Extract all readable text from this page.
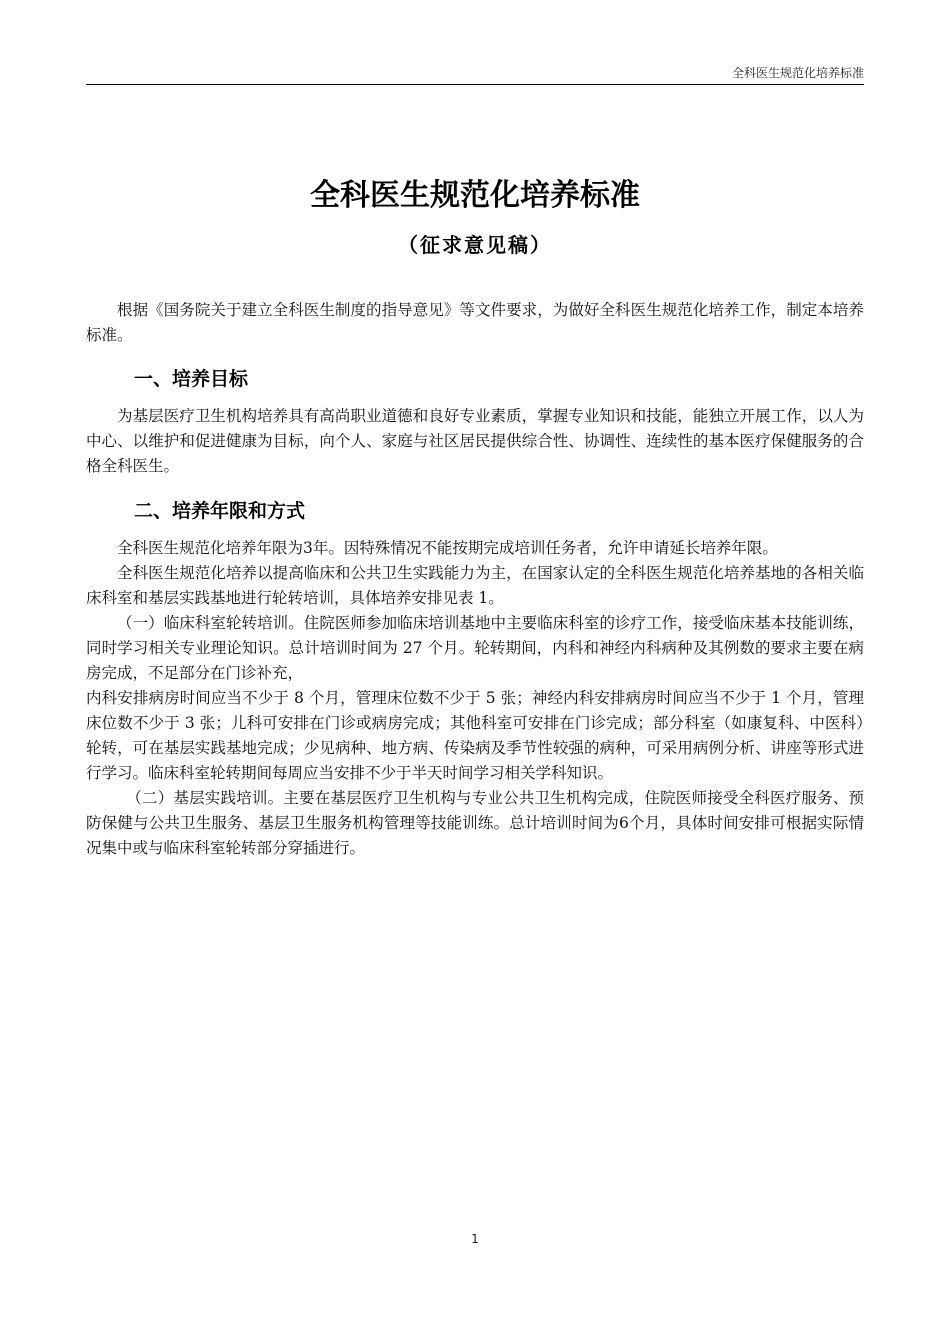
全科医生规范化培养标准
全科医生规范化培养标准
（征求意见稿）

根据《国务院关于建立全科医生制度的指导意见》等文件要求，为做好全科医生规范化培养工作，制定本培养标准。

一、培养目标

为基层医疗卫生机构培养具有高尚职业道德和良好专业素质，掌握专业知识和技能，能独立开展工作，以人为中心、以维护和促进健康为目标，向个人、家庭与社区居民提供综合性、协调性、连续性的基本医疗保健服务的合格全科医生。

二、培养年限和方式

全科医生规范化培养年限为3年。因特殊情况不能按期完成培训任务者，允许申请延长培养年限。

全科医生规范化培养以提高临床和公共卫生实践能力为主，在国家认定的全科医生规范化培养基地的各相关临床科室和基层实践基地进行轮转培训，具体培养安排见表 1。

（一）临床科室轮转培训。住院医师参加临床培训基地中主要临床科室的诊疗工作，接受临床基本技能训练，同时学习相关专业理论知识。总计培训时间为 27 个月。轮转期间，内科和神经内科病种及其例数的要求主要在病房完成，不足部分在门诊补充，

内科安排病房时间应当不少于 8 个月，管理床位数不少于 5 张；神经内科安排病房时间应当不少于 1 个月，管理床位数不少于 3 张；儿科可安排在门诊或病房完成；其他科室可安排在门诊完成；部分科室（如康复科、中医科）轮转，可在基层实践基地完成；少见病种、地方病、传染病及季节性较强的病种，可采用病例分析、讲座等形式进行学习。临床科室轮转期间每周应当安排不少于半天时间学习相关学科知识。

（二）基层实践培训。主要在基层医疗卫生机构与专业公共卫生机构完成，住院医师接受全科医疗服务、预防保健与公共卫生服务、基层卫生服务机构管理等技能训练。总计培训时间为6个月，具体时间安排可根据实际情况集中或与临床科室轮转部分穿插进行。

1
